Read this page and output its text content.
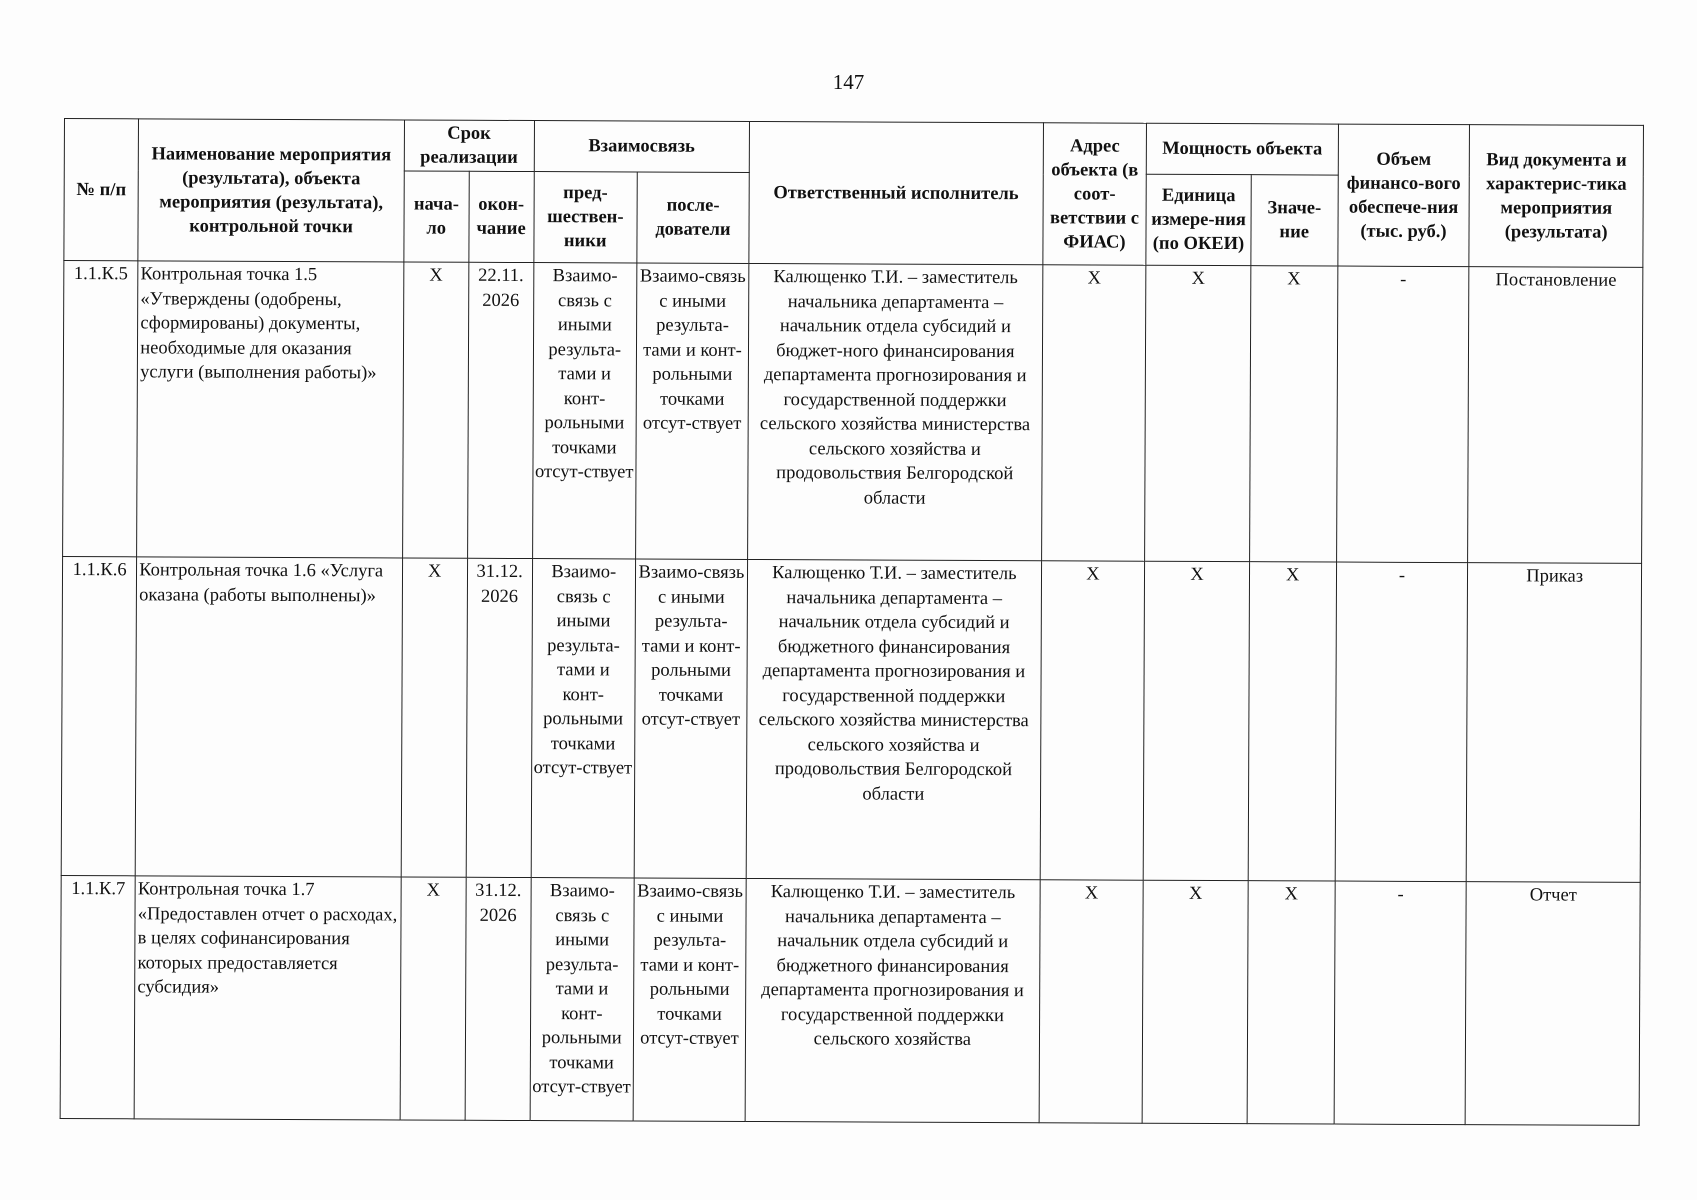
147
№ п/п	Наименование мероприятия (результата), объекта мероприятия (результата), контрольной точки	Срок реализации		Взаимосвязь		Ответственный исполнитель	Адрес объекта (в соот-ветствии с ФИАС)	Мощность объекта		Объем финансо-вого обеспече-ния (тыс. руб.)	Вид документа и характерис-тика мероприятия (результата)
		нача-ло	окон-чание	пред-шествен-ники	после-дователи			Единица измере-ния (по ОКЕИ)	Значе-ние		
1.1.К.5	Контрольная точка 1.5 «Утверждены (одобрены, сформированы) документы, необходимые для оказания услуги (выполнения работы)»	X	22.11. 2026	Взаимо-связь с иными результа-тами и конт-рольными точками отсут-ствует	Взаимо-связь с иными результа-тами и конт-рольными точками отсут-ствует	Калющенко Т.И. – заместитель начальника департамента – начальник отдела субсидий и бюджет-ного финансирования департамента прогнозирования и государственной поддержки сельского хозяйства министерства сельского хозяйства и продовольствия Белгородской области	X	X	X	-	Постановление
1.1.К.6	Контрольная точка 1.6 «Услуга оказана (работы выполнены)»	X	31.12. 2026	Взаимо-связь с иными результа-тами и конт-рольными точками отсут-ствует	Взаимо-связь с иными результа-тами и конт-рольными точками отсут-ствует	Калющенко Т.И. – заместитель начальника департамента – начальник отдела субсидий и бюджетного финансирования департамента прогнозирования и государственной поддержки сельского хозяйства министерства сельского хозяйства и продовольствия Белгородской области	X	X	X	-	Приказ
1.1.К.7	Контрольная точка 1.7 «Предоставлен отчет о расходах, в целях софинансирования которых предоставляется субсидия»	X	31.12. 2026	Взаимо-связь с иными результа-тами и конт-рольными точками отсут-ствует	Взаимо-связь с иными результа-тами и конт-рольными точками отсут-ствует	Калющенко Т.И. – заместитель начальника департамента – начальник отдела субсидий и бюджетного финансирования департамента прогнозирования и государственной поддержки сельского хозяйства	X	X	X	-	Отчет
